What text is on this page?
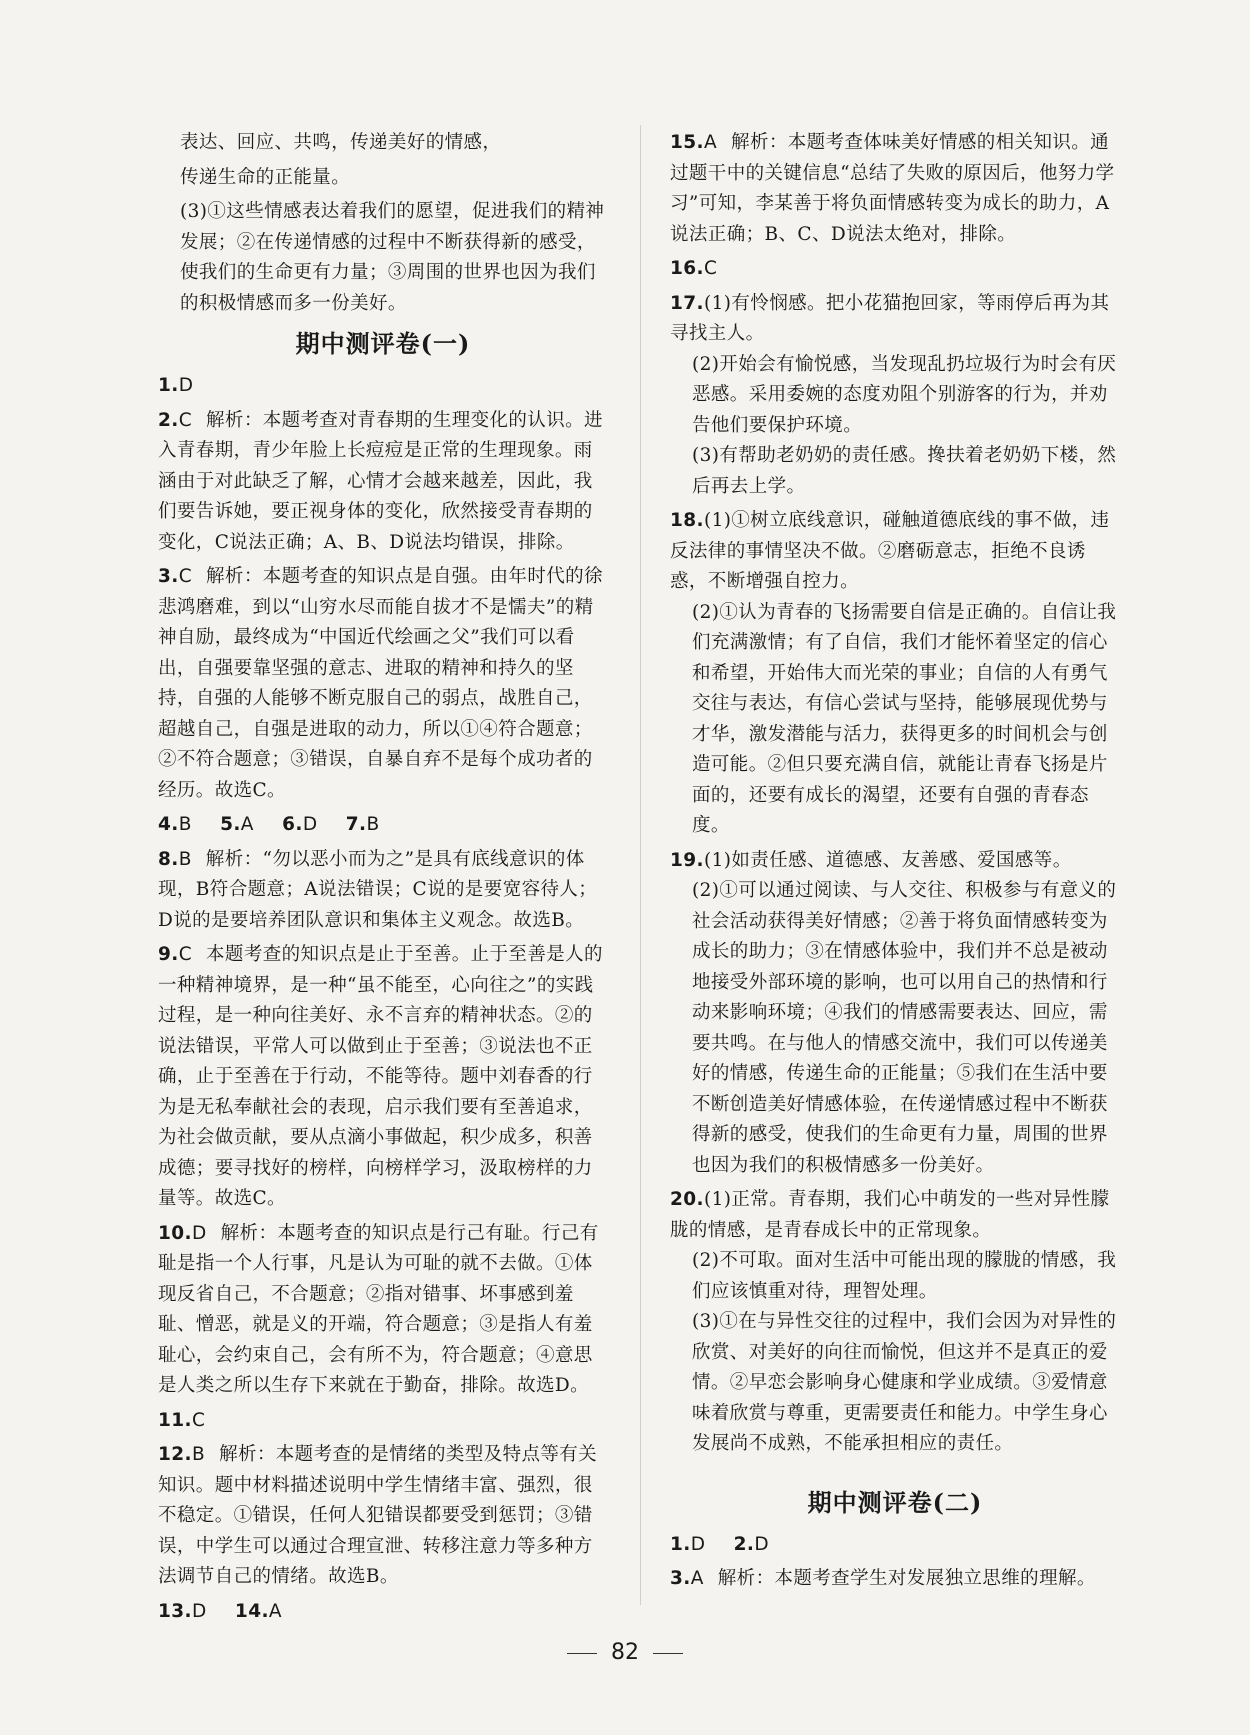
表达、回应、共鸣，传递美好的情感，
传递生命的正能量。
(3)①这些情感表达着我们的愿望，促进我们的精神发展；②在传递情感的过程中不断获得新的感受，使我们的生命更有力量；③周围的世界也因为我们的积极情感而多一份美好。
期中测评卷(一)
1.D
2.C 解析：本题考查对青春期的生理变化的认识。进入青春期，青少年脸上长痘痘是正常的生理现象。雨涵由于对此缺乏了解，心情才会越来越差，因此，我们要告诉她，要正视身体的变化，欣然接受青春期的变化，C说法正确；A、B、D说法均错误，排除。
3.C 解析：本题考查的知识点是自强。由年时代的徐悲鸿磨难，到以“山穷水尽而能自拔才不是懦夫”的精神自励，最终成为“中国近代绘画之父”我们可以看出，自强要靠坚强的意志、进取的精神和持久的坚持，自强的人能够不断克服自己的弱点，战胜自己，超越自己，自强是进取的动力，所以①④符合题意；②不符合题意；③错误，自暴自弃不是每个成功者的经历。故选C。
4.B 5.A 6.D 7.B
8.B 解析：“勿以恶小而为之”是具有底线意识的体现，B符合题意；A说法错误；C说的是要宽容待人；D说的是要培养团队意识和集体主义观念。故选B。
9.C 本题考查的知识点是止于至善。止于至善是人的一种精神境界，是一种“虽不能至，心向往之”的实践过程，是一种向往美好、永不言弃的精神状态。②的说法错误，平常人可以做到止于至善；③说法也不正确，止于至善在于行动，不能等待。题中刘春香的行为是无私奉献社会的表现，启示我们要有至善追求，为社会做贡献，要从点滴小事做起，积少成多，积善成德；要寻找好的榜样，向榜样学习，汲取榜样的力量等。故选C。
10.D 解析：本题考查的知识点是行己有耻。行己有耻是指一个人行事，凡是认为可耻的就不去做。①体现反省自己，不合题意；②指对错事、坏事感到羞耻、憎恶，就是义的开端，符合题意；③是指人有羞耻心，会约束自己，会有所不为，符合题意；④意思是人类之所以生存下来就在于勤奋，排除。故选D。
11.C
12.B 解析：本题考查的是情绪的类型及特点等有关知识。题中材料描述说明中学生情绪丰富、强烈，很不稳定。①错误，任何人犯错误都要受到惩罚；③错误，中学生可以通过合理宣泄、转移注意力等多种方法调节自己的情绪。故选B。
13.D 14.A
15.A 解析：本题考查体味美好情感的相关知识。通过题干中的关键信息“总结了失败的原因后，他努力学习”可知，李某善于将负面情感转变为成长的助力，A说法正确；B、C、D说法太绝对，排除。
16.C
17.(1)有怜悯感。把小花猫抱回家，等雨停后再为其寻找主人。
(2)开始会有愉悦感，当发现乱扔垃圾行为时会有厌恶感。采用委婉的态度劝阻个别游客的行为，并劝告他们要保护环境。
(3)有帮助老奶奶的责任感。搀扶着老奶奶下楼，然后再去上学。
18.(1)①树立底线意识，碰触道德底线的事不做，违反法律的事情坚决不做。②磨砺意志，拒绝不良诱惑，不断增强自控力。
(2)①认为青春的飞扬需要自信是正确的。自信让我们充满激情；有了自信，我们才能怀着坚定的信心和希望，开始伟大而光荣的事业；自信的人有勇气交往与表达，有信心尝试与坚持，能够展现优势与才华，激发潜能与活力，获得更多的时间机会与创造可能。②但只要充满自信，就能让青春飞扬是片面的，还要有成长的渴望，还要有自强的青春态度。
19.(1)如责任感、道德感、友善感、爱国感等。
(2)①可以通过阅读、与人交往、积极参与有意义的社会活动获得美好情感；②善于将负面情感转变为成长的助力；③在情感体验中，我们并不总是被动地接受外部环境的影响，也可以用自己的热情和行动来影响环境；④我们的情感需要表达、回应，需要共鸣。在与他人的情感交流中，我们可以传递美好的情感，传递生命的正能量；⑤我们在生活中要不断创造美好情感体验，在传递情感过程中不断获得新的感受，使我们的生命更有力量，周围的世界也因为我们的积极情感多一份美好。
20.(1)正常。青春期，我们心中萌发的一些对异性朦胧的情感，是青春成长中的正常现象。
(2)不可取。面对生活中可能出现的朦胧的情感，我们应该慎重对待，理智处理。
(3)①在与异性交往的过程中，我们会因为对异性的欣赏、对美好的向往而愉悦，但这并不是真正的爱情。②早恋会影响身心健康和学业成绩。③爱情意味着欣赏与尊重，更需要责任和能力。中学生身心发展尚不成熟，不能承担相应的责任。
期中测评卷(二)
1.D 2.D
3.A 解析：本题考查学生对发展独立思维的理解。
82
